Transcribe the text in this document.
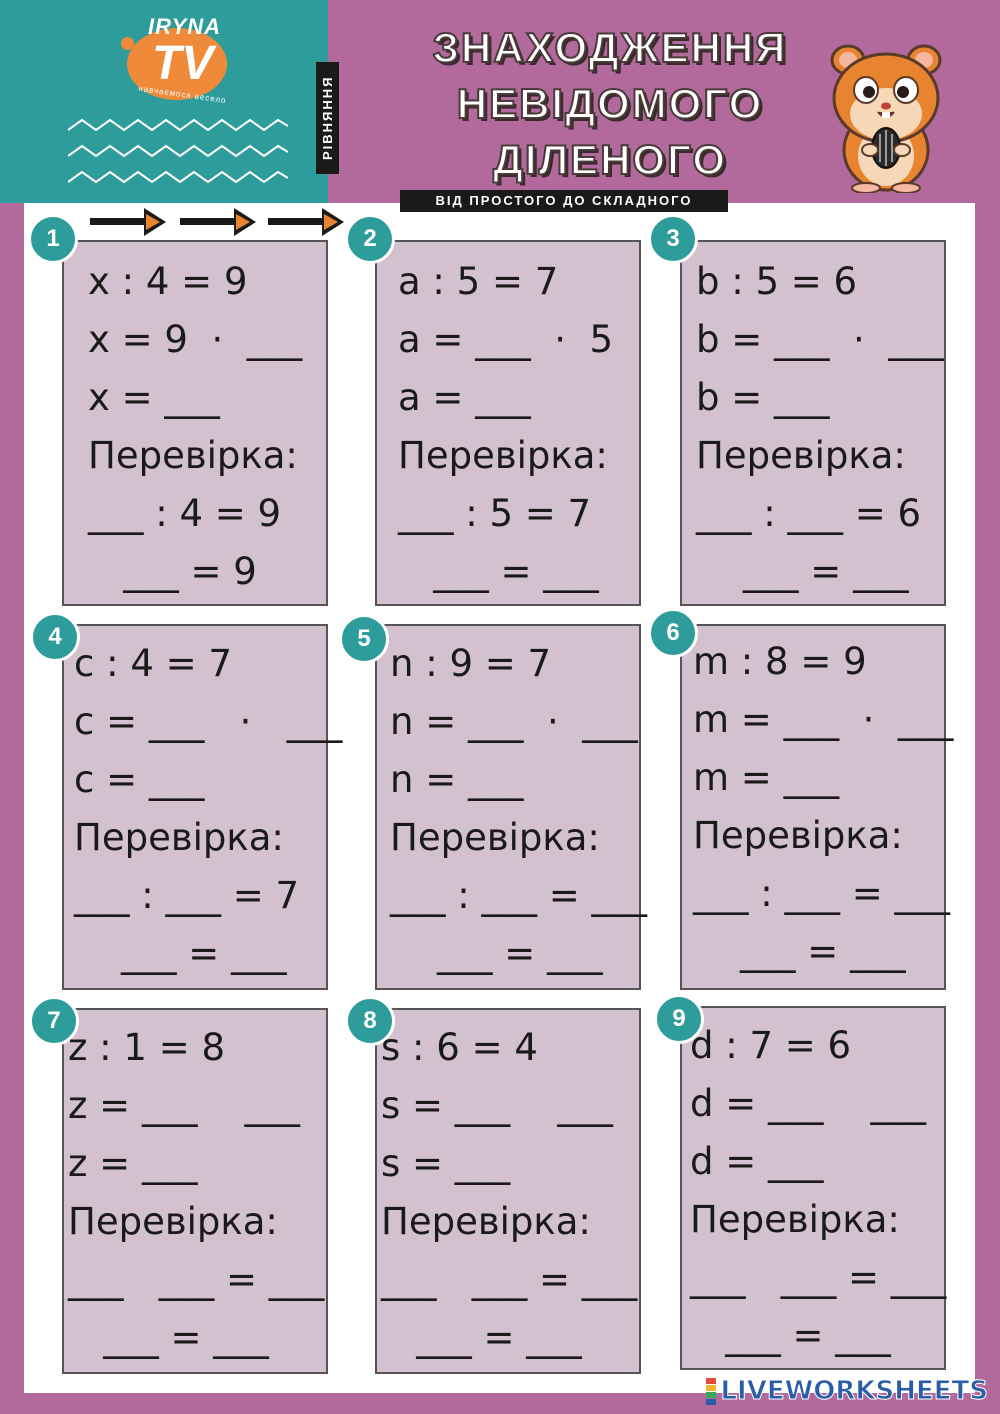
IRYNA
TV
навчаємося весело	РІВНЯННЯ
ЗНАХОДЖЕННЯ
НЕВІДОМОГО
ДІЛЕНОГО
ВІД ПРОСТОГО ДО СКЛАДНОГО
1
x : 4 = 9
x = 9  ·  ___
x = ___
Перевірка:
___ : 4 = 9
___ = 9
2
a : 5 = 7
a = ___  ·  5
a = ___
Перевірка:
___ : 5 = 7
___ = ___
3
b : 5 = 6
b = ___  ·  ___
b = ___
Перевірка:
___ : ___ = 6
___ = ___
4
c : 4 = 7
c = ___   ·   ___
c = ___
Перевірка:
___ : ___ = 7
___ = ___
5
n : 9 = 7
n = ___  ·  ___
n = ___
Перевірка:
___ : ___ = ___
___ = ___
6
m : 8 = 9
m = ___  ·  ___
m = ___
Перевірка:
___ : ___ = ___
___ = ___
7
z : 1 = 8
z = ___    ___
z = ___
Перевірка:
___   ___ = ___
___ = ___
8
s : 6 = 4
s = ___    ___
s = ___
Перевірка:
___   ___ = ___
___ = ___
9
d : 7 = 6
d = ___    ___
d = ___
Перевірка:
___   ___ = ___
___ = ___
LIVEWORKSHEETS
